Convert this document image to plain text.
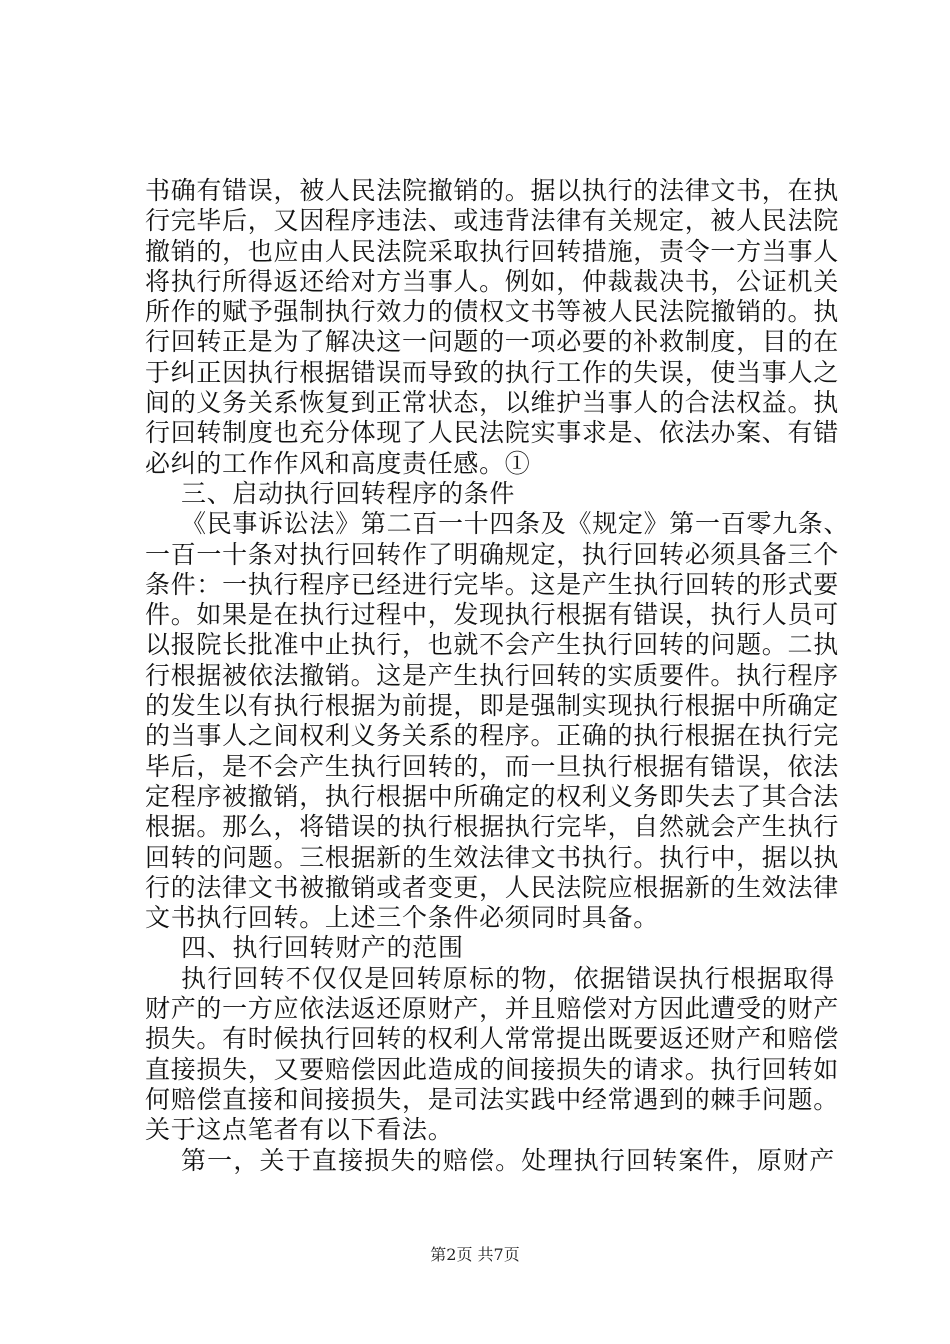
书确有错误，被人民法院撤销的。据以执行的法律文书，在执
行完毕后，又因程序违法、或违背法律有关规定，被人民法院
撤销的，也应由人民法院采取执行回转措施，责令一方当事人
将执行所得返还给对方当事人。例如，仲裁裁决书，公证机关
所作的赋予强制执行效力的债权文书等被人民法院撤销的。执
行回转正是为了解决这一问题的一项必要的补救制度，目的在
于纠正因执行根据错误而导致的执行工作的失误，使当事人之
间的义务关系恢复到正常状态，以维护当事人的合法权益。执
行回转制度也充分体现了人民法院实事求是、依法办案、有错
必纠的工作作风和高度责任感。①
三、启动执行回转程序的条件
《民事诉讼法》第二百一十四条及《规定》第一百零九条、
一百一十条对执行回转作了明确规定，执行回转必须具备三个
条件：一执行程序已经进行完毕。这是产生执行回转的形式要
件。如果是在执行过程中，发现执行根据有错误，执行人员可
以报院长批准中止执行，也就不会产生执行回转的问题。二执
行根据被依法撤销。这是产生执行回转的实质要件。执行程序
的发生以有执行根据为前提，即是强制实现执行根据中所确定
的当事人之间权利义务关系的程序。正确的执行根据在执行完
毕后，是不会产生执行回转的，而一旦执行根据有错误，依法
定程序被撤销，执行根据中所确定的权利义务即失去了其合法
根据。那么，将错误的执行根据执行完毕，自然就会产生执行
回转的问题。三根据新的生效法律文书执行。执行中，据以执
行的法律文书被撤销或者变更，人民法院应根据新的生效法律
文书执行回转。上述三个条件必须同时具备。
四、执行回转财产的范围
执行回转不仅仅是回转原标的物，依据错误执行根据取得
财产的一方应依法返还原财产，并且赔偿对方因此遭受的财产
损失。有时候执行回转的权利人常常提出既要返还财产和赔偿
直接损失，又要赔偿因此造成的间接损失的请求。执行回转如
何赔偿直接和间接损失，是司法实践中经常遇到的棘手问题。
关于这点笔者有以下看法。
第一，关于直接损失的赔偿。处理执行回转案件，原财产
第2页 共7页
